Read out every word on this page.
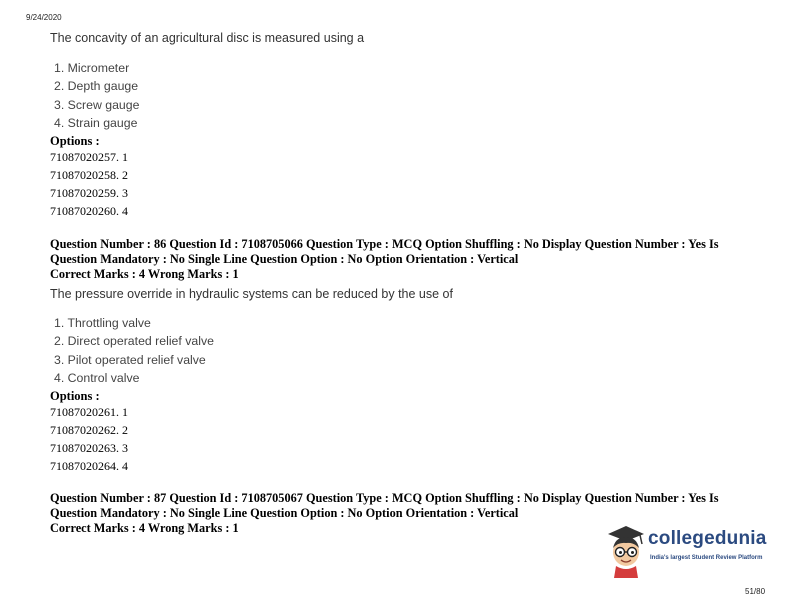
9/24/2020
The concavity of an agricultural disc is measured using a
1. Micrometer
2. Depth gauge
3. Screw gauge
4. Strain gauge
Options :
71087020257. 1
71087020258. 2
71087020259. 3
71087020260. 4
Question Number : 86 Question Id : 7108705066 Question Type : MCQ Option Shuffling : No Display Question Number : Yes Is Question Mandatory : No Single Line Question Option : No Option Orientation : Vertical
Correct Marks : 4 Wrong Marks : 1
The pressure override in hydraulic systems can be reduced by the use of
1. Throttling valve
2. Direct operated relief valve
3. Pilot operated relief valve
4. Control valve
Options :
71087020261. 1
71087020262. 2
71087020263. 3
71087020264. 4
Question Number : 87 Question Id : 7108705067 Question Type : MCQ Option Shuffling : No Display Question Number : Yes Is Question Mandatory : No Single Line Question Option : No Option Orientation : Vertical
Correct Marks : 4 Wrong Marks : 1	collegedunia
India's largest Student Review Platform
51/80
